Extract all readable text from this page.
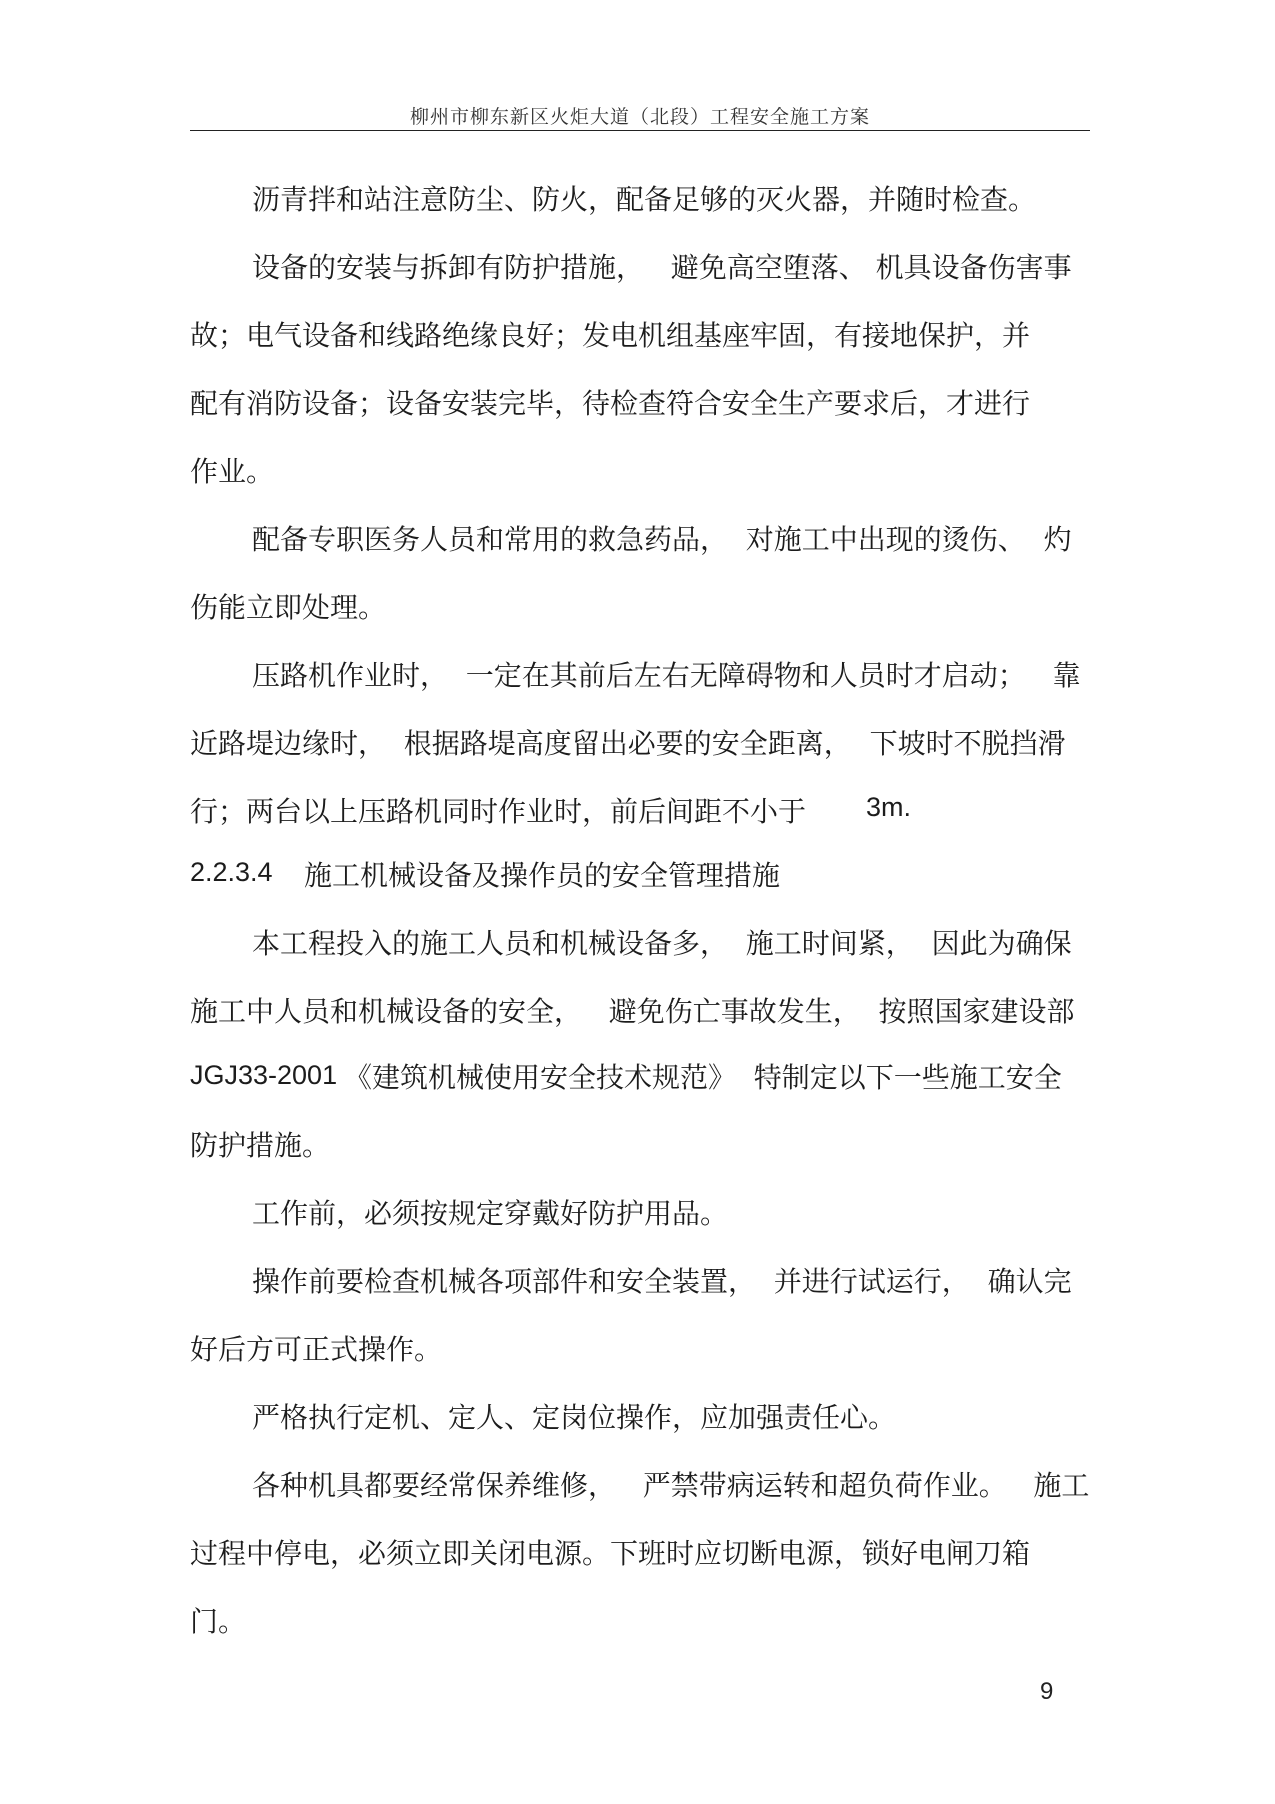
柳州市柳东新区火炬大道（北段）工程安全施工方案
沥青拌和站注意防尘、防火，配备足够的灭火器，并随时检查。
设备的安装与拆卸有防护措施，   避免高空堕落、 机具设备伤害事
故；电气设备和线路绝缘良好；发电机组基座牢固，有接地保护，并
配有消防设备；设备安装完毕，待检查符合安全生产要求后，才进行
作业。
配备专职医务人员和常用的救急药品，  对施工中出现的烫伤、  灼
伤能立即处理。
压路机作业时，  一定在其前后左右无障碍物和人员时才启动；   靠
近路堤边缘时，  根据路堤高度留出必要的安全距离，  下坡时不脱挡滑
行；两台以上压路机同时作业时，前后间距不小于 3m.
2.2.3.4 施工机械设备及操作员的安全管理措施
本工程投入的施工人员和机械设备多，  施工时间紧，  因此为确保
施工中人员和机械设备的安全，   避免伤亡事故发生，  按照国家建设部
JGJ33-2001 《建筑机械使用安全技术规范》  特制定以下一些施工安全
防护措施。
工作前，必须按规定穿戴好防护用品。
操作前要检查机械各项部件和安全装置，  并进行试运行，  确认完
好后方可正式操作。
严格执行定机、定人、定岗位操作，应加强责任心。
各种机具都要经常保养维修，   严禁带病运转和超负荷作业。   施工
过程中停电，必须立即关闭电源。下班时应切断电源，锁好电闸刀箱
门。
9
